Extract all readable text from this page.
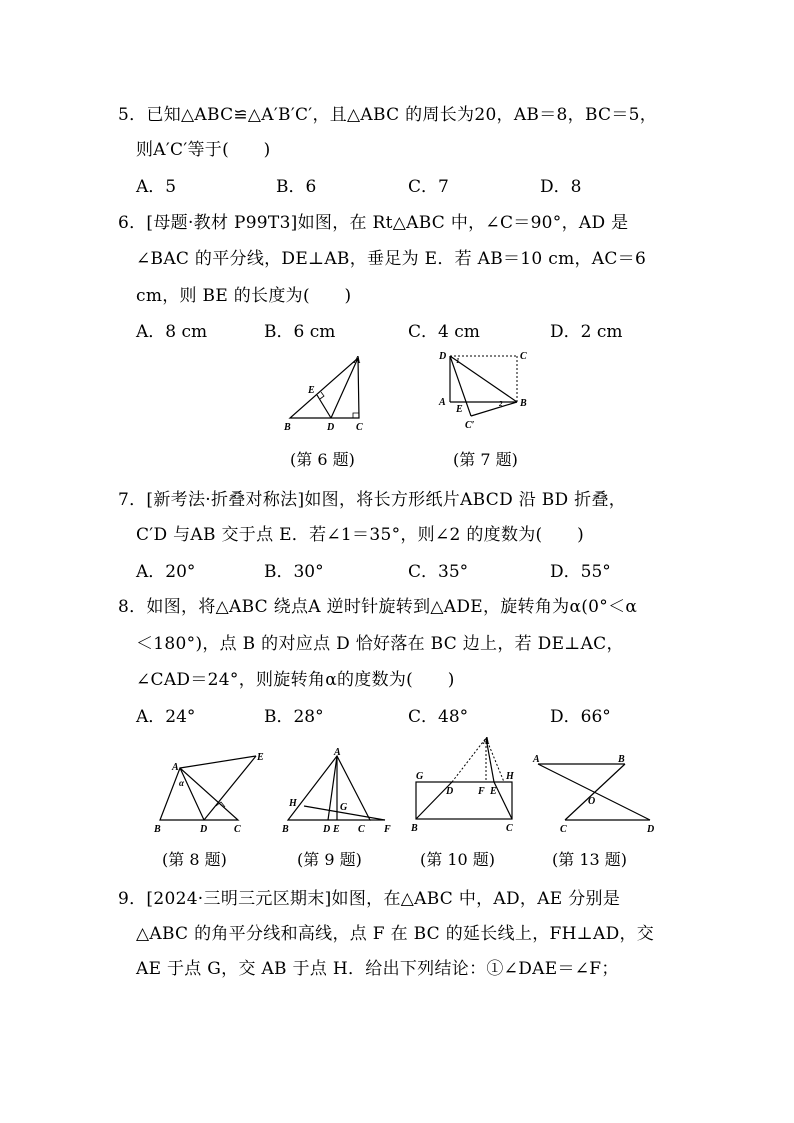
5．已知△ABC≌△A′B′C′，且△ABC 的周长为20，AB＝8，BC＝5，
则A′C′等于(　　)
A．5	B．6	C．7	D．8
6．[母题·教材 P99T3]如图，在 Rt△ABC 中，∠C＝90°，AD 是
∠BAC 的平分线，DE⊥AB，垂足为 E．若 AB＝10 cm，AC＝6
cm，则 BE 的长度为(　　)
A．8 cm	B．6 cm	C．4 cm	D．2 cm
A
B	C
D
E
(第 6 题)
D	C
A	B
E
C′
1
2
(第 7 题)
7．[新考法·折叠对称法]如图，将长方形纸片ABCD 沿 BD 折叠，
C′D 与AB 交于点 E．若∠1＝35°，则∠2 的度数为(　　)
A．20°	B．30°	C．35°	D．55°
8．如图，将△ABC 绕点A 逆时针旋转到△ADE，旋转角为α(0°＜α
＜180°)，点 B 的对应点 D 恰好落在 BC 边上，若 DE⊥AC，
∠CAD＝24°，则旋转角α的度数为(　　)
A．24°	B．28°	C．48°	D．66°
A
B	D	C
E
α
A
B	D E C F
G
H
A
G	H
D F E
B	C
A	B
O
C	D
(第 8 题)	(第 9 题)	(第 10 题)	(第 13 题)
9．[2024·三明三元区期末]如图，在△ABC 中，AD，AE 分别是
△ABC 的角平分线和高线，点 F 在 BC 的延长线上，FH⊥AD，交
AE 于点 G，交 AB 于点 H．给出下列结论：①∠DAE＝∠F；
